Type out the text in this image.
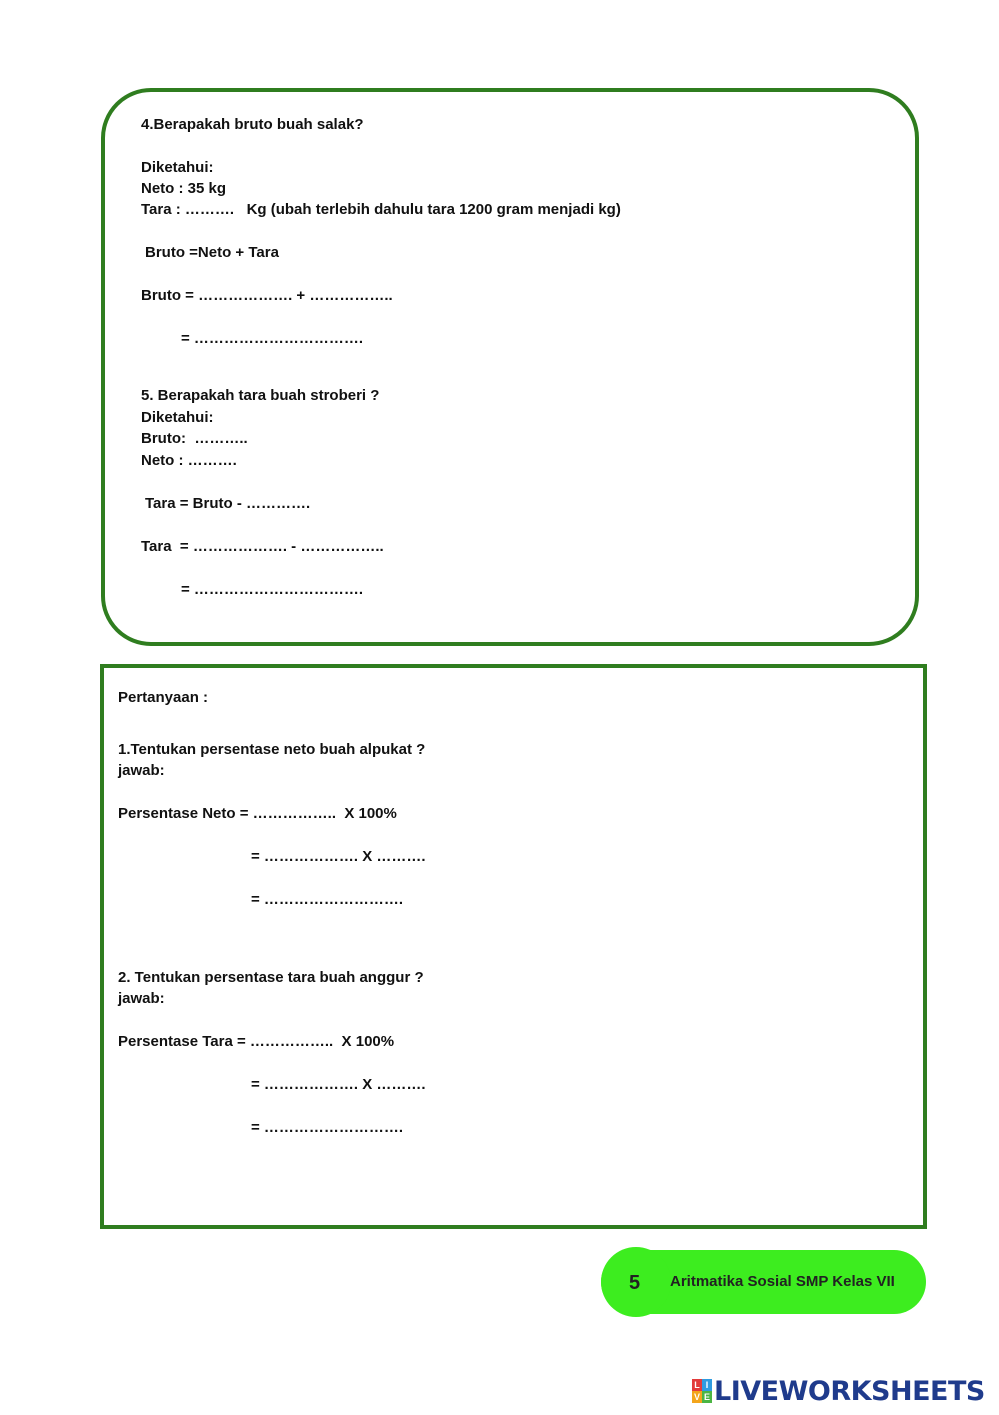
4.Berapakah bruto buah salak?
Diketahui:
Neto : 35 kg
Tara : ……….   Kg (ubah terlebih dahulu tara 1200 gram menjadi kg)
Bruto =Neto + Tara
Bruto = ………………. + ……………..
= …………………………….
5. Berapakah tara buah stroberi ?
Diketahui:
Bruto:  ………..
Neto : ……….
Tara = Bruto - ………….
Tara  = ………………. - ……………..
= …………………………….
Pertanyaan :
1.Tentukan persentase neto buah alpukat ?
jawab:
Persentase Neto = ……………..  X 100%
= ………………. X ……….
= ……………………….
2. Tentukan persentase tara buah anggur ?
jawab:
Persentase Tara = ……………..  X 100%
= ………………. X ……….
= ……………………….
5 Aritmatika Sosial SMP Kelas VII
L I
V E LIVEWORKSHEETS
